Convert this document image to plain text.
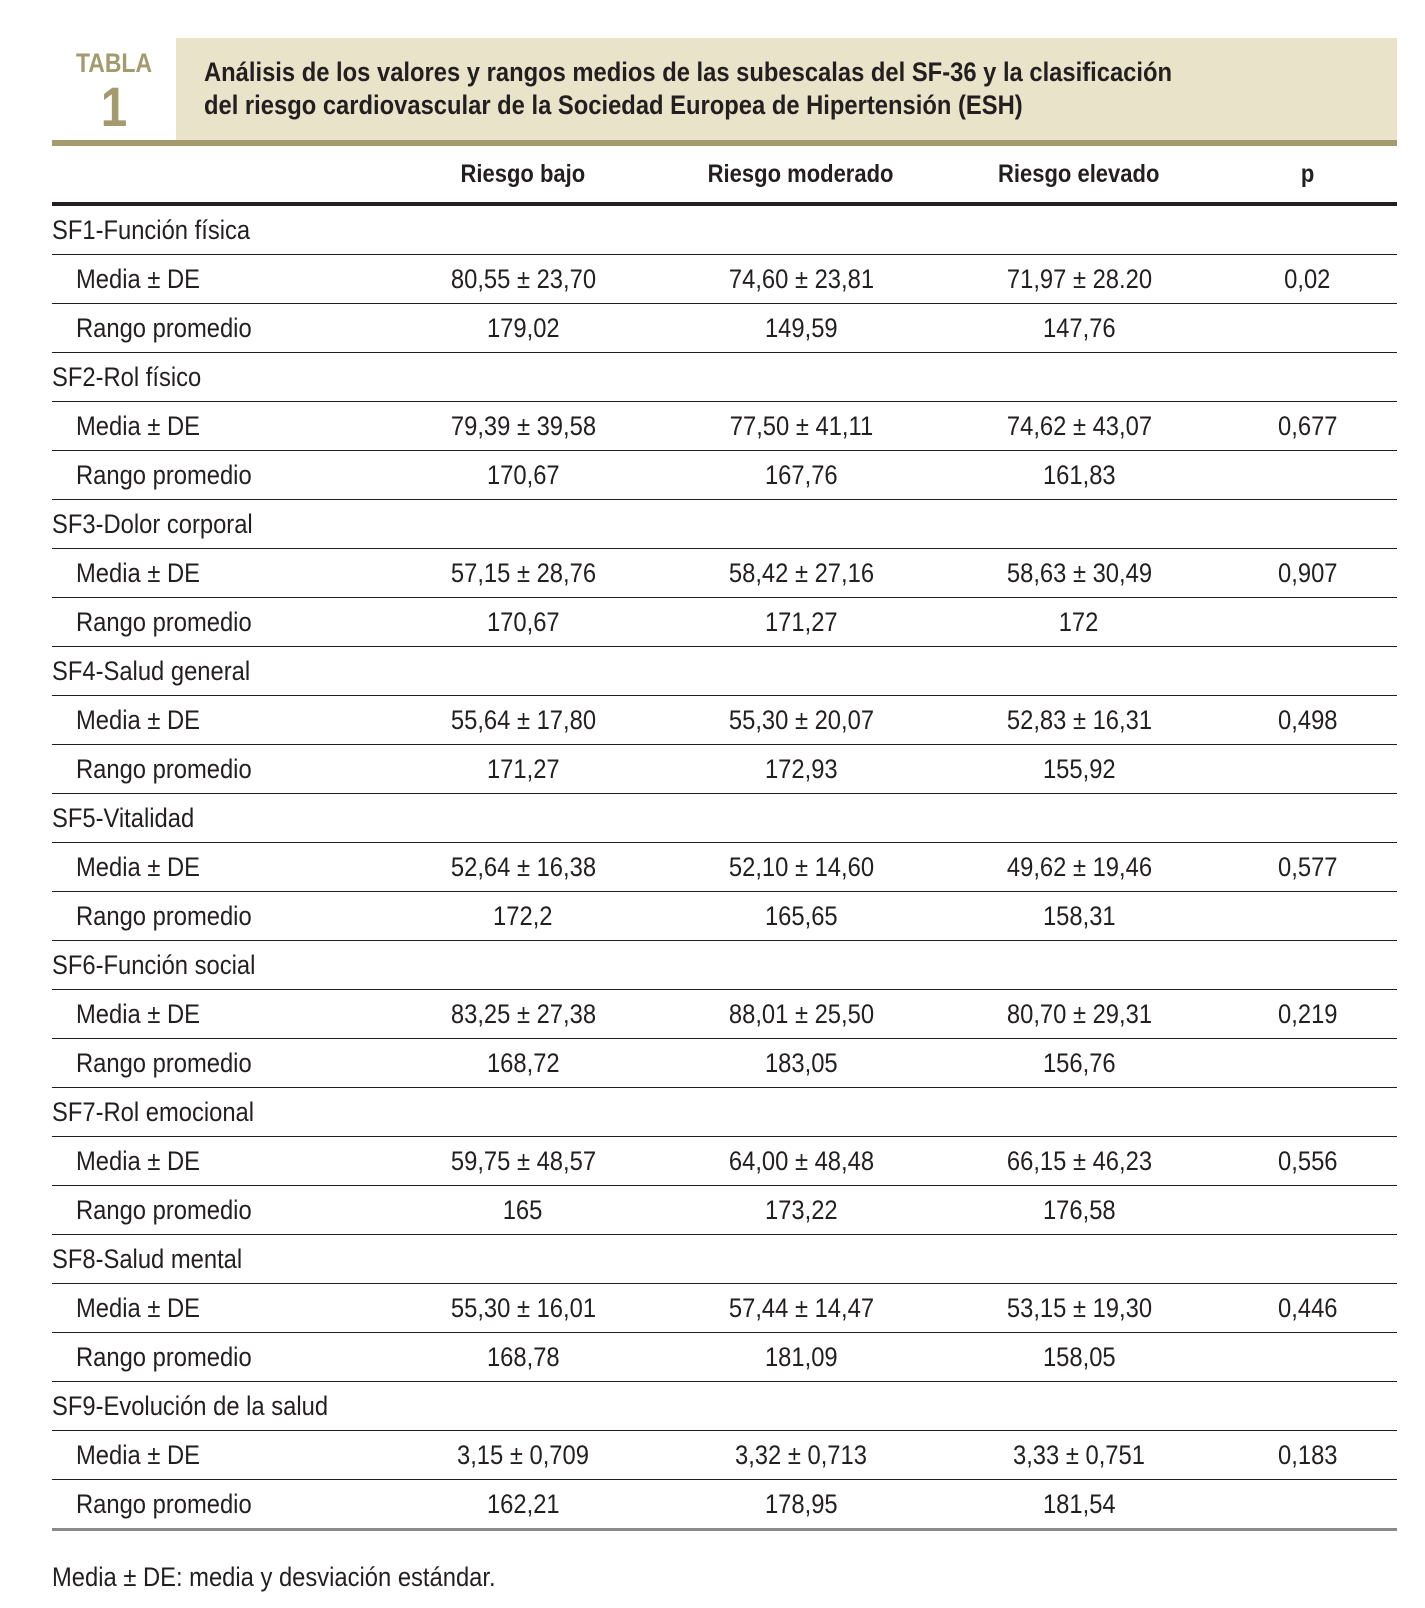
TABLA
1
Análisis de los valores y rangos medios de las subescalas del SF-36 y la clasificación
del riesgo cardiovascular de la Sociedad Europea de Hipertensión (ESH)
	Riesgo bajo	Riesgo moderado	Riesgo elevado	p
SF1-Función física				
Media ± DE	80,55 ± 23,70	74,60 ± 23,81	71,97 ± 28.20	0,02
Rango promedio	179,02	149,59	147,76	
SF2-Rol físico				
Media ± DE	79,39 ± 39,58	77,50 ± 41,11	74,62 ± 43,07	0,677
Rango promedio	170,67	167,76	161,83	
SF3-Dolor corporal				
Media ± DE	57,15 ± 28,76	58,42 ± 27,16	58,63 ± 30,49	0,907
Rango promedio	170,67	171,27	172	
SF4-Salud general				
Media ± DE	55,64 ± 17,80	55,30 ± 20,07	52,83 ± 16,31	0,498
Rango promedio	171,27	172,93	155,92	
SF5-Vitalidad				
Media ± DE	52,64 ± 16,38	52,10 ± 14,60	49,62 ± 19,46	0,577
Rango promedio	172,2	165,65	158,31	
SF6-Función social				
Media ± DE	83,25 ± 27,38	88,01 ± 25,50	80,70 ± 29,31	0,219
Rango promedio	168,72	183,05	156,76	
SF7-Rol emocional				
Media ± DE	59,75 ± 48,57	64,00 ± 48,48	66,15 ± 46,23	0,556
Rango promedio	165	173,22	176,58	
SF8-Salud mental				
Media ± DE	55,30 ± 16,01	57,44 ± 14,47	53,15 ± 19,30	0,446
Rango promedio	168,78	181,09	158,05	
SF9-Evolución de la salud				
Media ± DE	3,15 ± 0,709	3,32 ± 0,713	3,33 ± 0,751	0,183
Rango promedio	162,21	178,95	181,54	
Media ± DE: media y desviación estándar.
